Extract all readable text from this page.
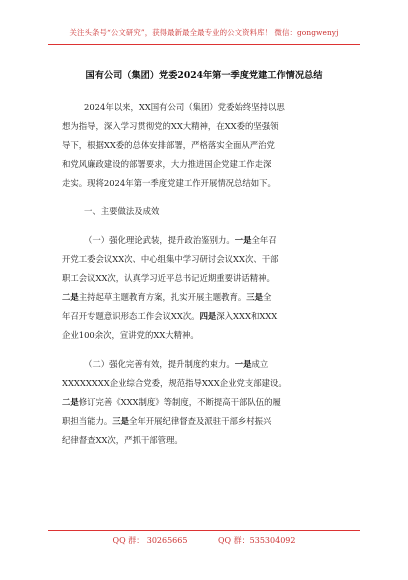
关注头条号“公文研究”，获得最新最全最专业的公文资料库！ 微信：gongwenyj
国有公司（集团）党委2024年第一季度党建工作情况总结
2024年以来，XX国有公司（集团）党委始终坚持以思
想为指导，深入学习贯彻党的XX大精神，在XX委的坚强领
导下，根据XX委的总体安排部署，严格落实全面从严治党
和党风廉政建设的部署要求，大力推进国企党建工作走深
走实。现将2024年第一季度党建工作开展情况总结如下。
一、主要做法及成效
（一）强化理论武装，提升政治鉴别力。一是全年召
开党工委会议XX次、中心组集中学习研讨会议XX次、干部
职工会议XX次，认真学习近平总书记近期重要讲话精神。
二是主持起草主题教育方案，扎实开展主题教育。三是全
年召开专题意识形态工作会议XX次。四是深入XXX和XXX
企业100余次，宣讲党的XX大精神。
（二）强化完善有效，提升制度约束力。一是成立
XXXXXXXX企业综合党委，规范指导XXX企业党支部建设。
二是修订完善《XXX制度》等制度，不断提高干部队伍的履
职担当能力。三是全年开展纪律督查及派驻干部乡村振兴
纪律督查XX次，严抓干部管理。
QQ 群： 30265665	QQ 群：535304092
